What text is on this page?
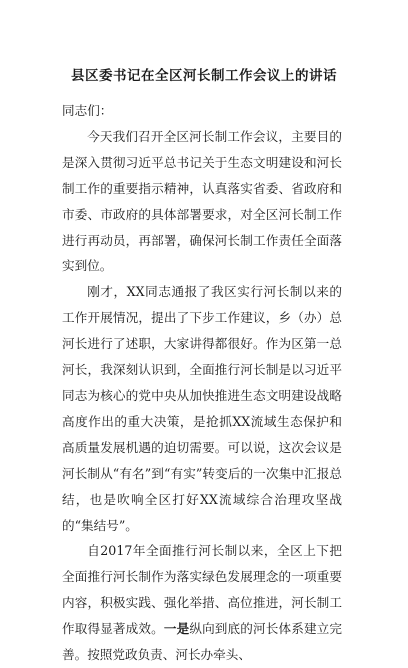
县区委书记在全区河长制工作会议上的讲话

同志们：

今天我们召开全区河长制工作会议，主要目的是深入贯彻习近平总书记关于生态文明建设和河长制工作的重要指示精神，认真落实省委、省政府和市委、市政府的具体部署要求，对全区河长制工作进行再动员，再部署，确保河长制工作责任全面落实到位。

刚才，XX同志通报了我区实行河长制以来的工作开展情况，提出了下步工作建议，乡（办）总河长进行了述职，大家讲得都很好。作为区第一总河长，我深刻认识到，全面推行河长制是以习近平同志为核心的党中央从加快推进生态文明建设战略高度作出的重大决策，是抢抓XX流域生态保护和高质量发展机遇的迫切需要。可以说，这次会议是河长制从“有名”到“有实”转变后的一次集中汇报总结，也是吹响全区打好XX流域综合治理攻坚战的“集结号”。

自2017年全面推行河长制以来，全区上下把全面推行河长制作为落实绿色发展理念的一项重要内容，积极实践、强化举措、高位推进，河长制工作取得显著成效。一是纵向到底的河长体系建立完善。按照党政负责、河长办牵头、
